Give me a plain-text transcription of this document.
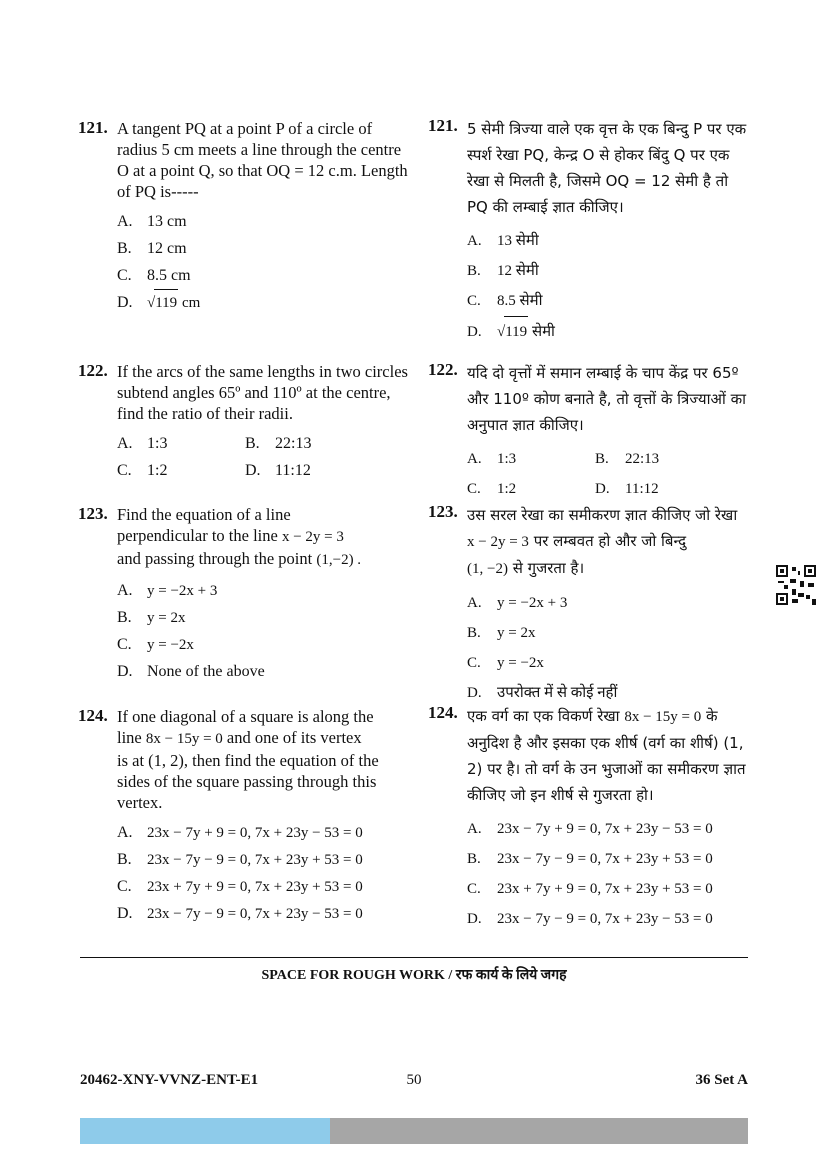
121. A tangent PQ at a point P of a circle of radius 5 cm meets a line through the centre O at a point Q, so that OQ = 12 c.m. Length of PQ is-----
A. 13 cm
B. 12 cm
C. 8.5 cm
D. √119 cm
122. If the arcs of the same lengths in two circles subtend angles 65º and 110º at the centre, find the ratio of their radii.
A. 1:3	B. 22:13
C. 1:2	D. 11:12
123. Find the equation of a line
perpendicular to the line x − 2y = 3
and passing through the point (1,−2) .
A. y = −2x + 3
B. y = 2x
C. y = −2x
D. None of the above
124. If one diagonal of a square is along the
line 8x − 15y = 0 and one of its vertex
is at (1, 2), then find the equation of the sides of the square passing through this vertex.
A. 23x − 7y + 9 = 0, 7x + 23y − 53 = 0
B. 23x − 7y − 9 = 0, 7x + 23y + 53 = 0
C. 23x + 7y + 9 = 0, 7x + 23y + 53 = 0
D. 23x − 7y − 9 = 0, 7x + 23y − 53 = 0
121. 5 सेमी त्रिज्या वाले एक वृत्त के एक बिन्दु P पर एक स्पर्श रेखा PQ, केन्द्र O से होकर बिंदु Q पर एक रेखा से मिलती है, जिसमे OQ = 12 सेमी है तो PQ की लम्बाई ज्ञात कीजिए।
A. 13 सेमी
B. 12 सेमी
C. 8.5 सेमी
D. √119 सेमी
122. यदि दो वृत्तों में समान लम्बाई के चाप केंद्र पर 65º और 110º कोण बनाते है, तो वृत्तों के त्रिज्याओं का अनुपात ज्ञात कीजिए।
A. 1:3	B. 22:13
C. 1:2	D. 11:12
123. उस सरल रेखा का समीकरण ज्ञात कीजिए जो रेखा
x − 2y = 3 पर लम्बवत हो और जो बिन्दु
(1, −2) से गुजरता है।
A. y = −2x + 3
B. y = 2x
C. y = −2x
D. उपरोक्त में से कोई नहीं
124. एक वर्ग का एक विकर्ण रेखा 8x − 15y = 0 के
अनुदिश है और इसका एक शीर्ष (वर्ग का शीर्ष) (1, 2) पर है। तो वर्ग के उन भुजाओं का समीकरण ज्ञात कीजिए जो इन शीर्ष से गुजरता हो।
A. 23x − 7y + 9 = 0, 7x + 23y − 53 = 0
B. 23x − 7y − 9 = 0, 7x + 23y + 53 = 0
C. 23x + 7y + 9 = 0, 7x + 23y + 53 = 0
D. 23x − 7y − 9 = 0, 7x + 23y − 53 = 0
SPACE FOR ROUGH WORK / रफ कार्य के लिये जगह
20462-XNY-VVNZ-ENT-E1	50	36 Set A
